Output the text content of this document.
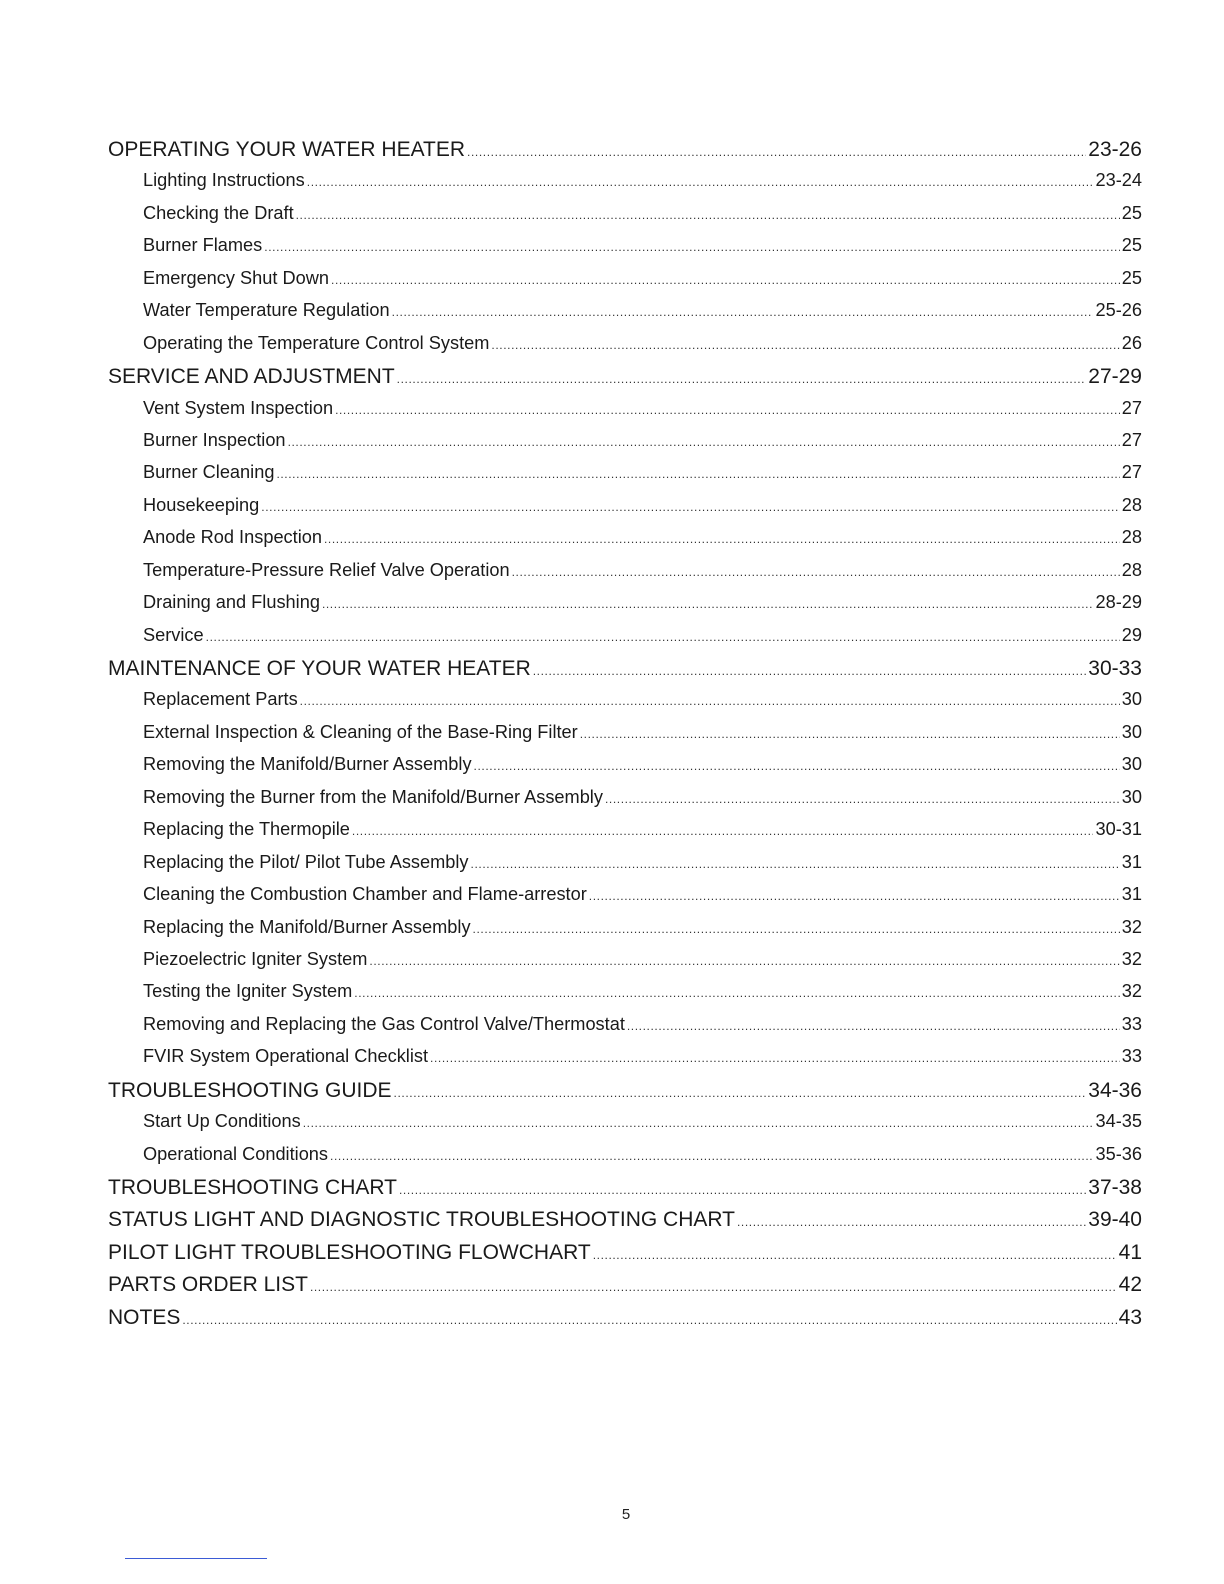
OPERATING YOUR WATER HEATER .....	23-26
Lighting Instructions .....	23-24
Checking the Draft .....	25
Burner Flames .....	25
Emergency Shut Down .....	25
Water Temperature Regulation .....	25-26
Operating the Temperature Control System .....	26
SERVICE AND ADJUSTMENT .....	27-29
Vent System Inspection .....	27
Burner Inspection .....	27
Burner Cleaning .....	27
Housekeeping .....	28
Anode Rod Inspection .....	28
Temperature-Pressure Relief Valve Operation .....	28
Draining and Flushing .....	28-29
Service .....	29
MAINTENANCE OF YOUR WATER HEATER .....	30-33
Replacement Parts .....	30
External Inspection & Cleaning of the Base-Ring Filter .....	30
Removing the Manifold/Burner Assembly .....	30
Removing the Burner from the Manifold/Burner Assembly .....	30
Replacing the Thermopile .....	30-31
Replacing the Pilot/ Pilot Tube Assembly .....	31
Cleaning the Combustion Chamber and Flame-arrestor .....	31
Replacing the Manifold/Burner Assembly .....	32
Piezoelectric Igniter System .....	32
Testing the Igniter System .....	32
Removing and Replacing the Gas Control Valve/Thermostat .....	33
FVIR System Operational Checklist .....	33
TROUBLESHOOTING GUIDE .....	34-36
Start Up Conditions .....	34-35
Operational Conditions .....	35-36
TROUBLESHOOTING CHART .....	37-38
STATUS LIGHT AND DIAGNOSTIC TROUBLESHOOTING CHART .....	39-40
PILOT LIGHT TROUBLESHOOTING FLOWCHART .....	41
PARTS ORDER LIST .....	42
NOTES .....	43
5
